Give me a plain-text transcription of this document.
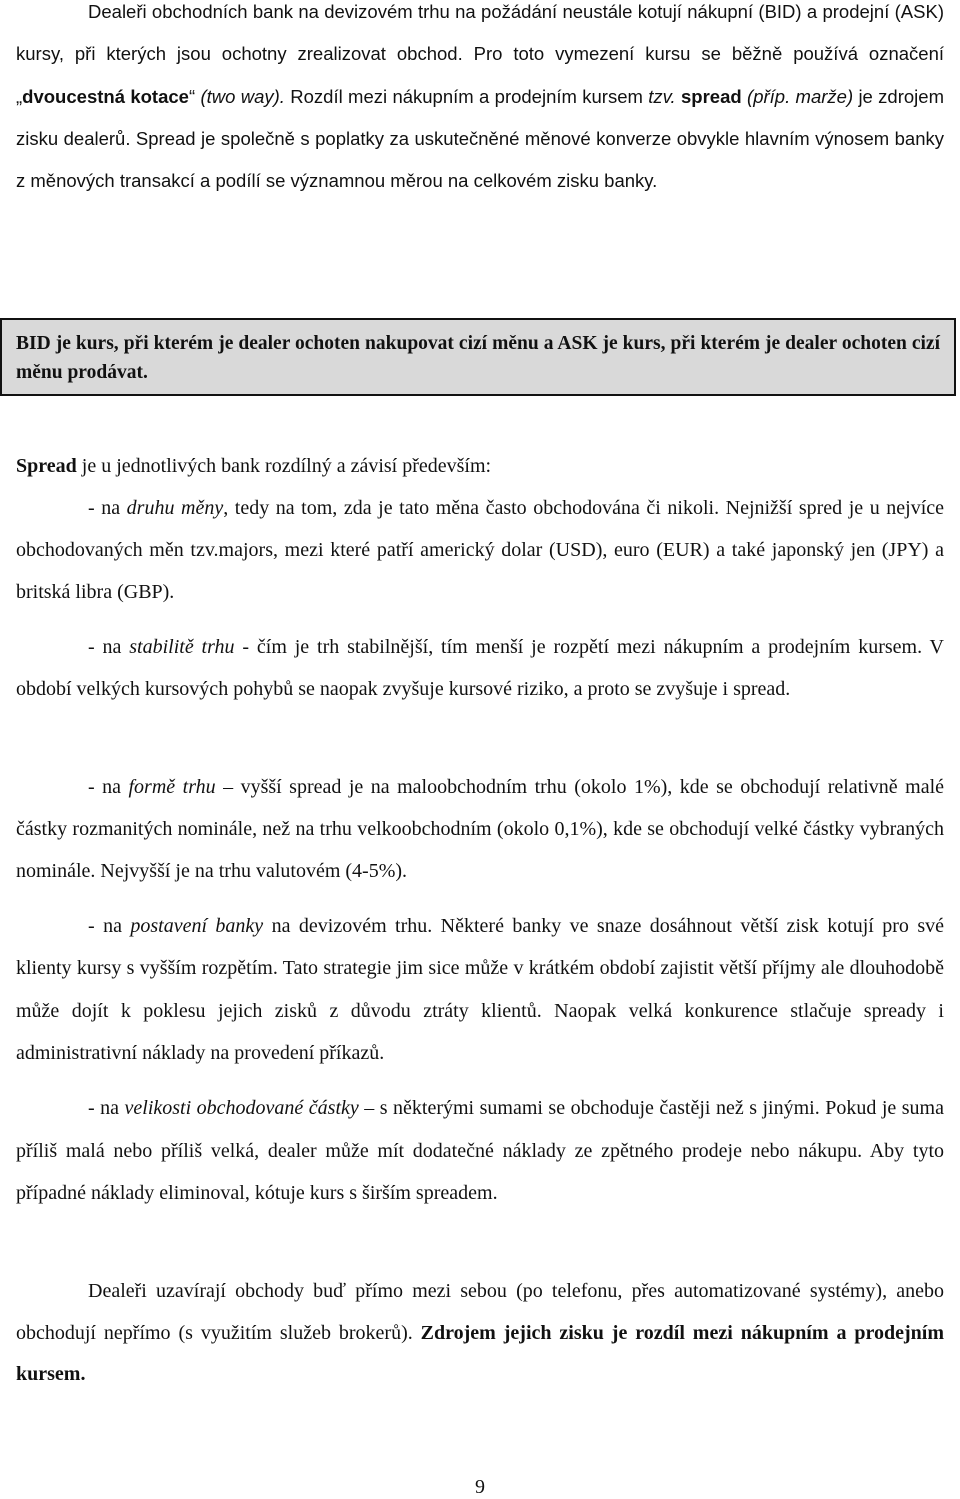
Dealeři obchodních bank na devizovém trhu na požádání neustále kotují nákupní (BID) a prodejní (ASK) kursy, při kterých jsou ochotny zrealizovat obchod. Pro toto vymezení kursu se běžně používá označení „dvoucestná kotace“ (two way). Rozdíl mezi nákupním a prodejním kursem tzv. spread (příp. marže) je zdrojem zisku dealerů. Spread je společně s poplatky za uskutečněné měnové konverze obvykle hlavním výnosem banky z měnových transakcí a podílí se významnou měrou na celkovém zisku banky.

BID je kurs, při kterém je dealer ochoten nakupovat cizí měnu a ASK je kurs, při kterém je dealer ochoten cizí měnu prodávat.

Spread je u jednotlivých bank rozdílný a závisí především:
- na druhu měny, tedy na tom, zda je tato měna často obchodována či nikoli. Nejnižší spred je u nejvíce obchodovaných měn tzv.majors, mezi které patří americký dolar (USD), euro (EUR) a také japonský jen (JPY) a britská libra (GBP).

- na stabilitě trhu - čím je trh stabilnější, tím menší je rozpětí mezi nákupním a prodejním kursem. V období velkých kursových pohybů se naopak zvyšuje kursové riziko, a proto se zvyšuje i spread.

- na formě trhu – vyšší spread je na maloobchodním trhu (okolo 1%), kde se obchodují relativně malé částky rozmanitých nominále, než na trhu velkoobchodním (okolo 0,1%), kde se obchodují velké částky vybraných nominále. Nejvyšší je na trhu valutovém (4-5%).

- na postavení banky na devizovém trhu. Některé banky ve snaze dosáhnout větší zisk kotují pro své klienty kursy s vyšším rozpětím. Tato strategie jim sice může v krátkém období zajistit větší příjmy ale dlouhodobě může dojít k poklesu jejich zisků z důvodu ztráty klientů. Naopak velká konkurence stlačuje spready i administrativní náklady na provedení příkazů.

- na velikosti obchodované částky – s některými sumami se obchoduje častěji než s jinými. Pokud je suma příliš malá nebo příliš velká, dealer může mít dodatečné náklady ze zpětného prodeje nebo nákupu. Aby tyto případné náklady eliminoval, kótuje kurs s širším spreadem.

Dealeři uzavírají obchody buď přímo mezi sebou (po telefonu, přes automatizované systémy), anebo obchodují nepřímo (s využitím služeb brokerů). Zdrojem jejich zisku je rozdíl mezi nákupním a prodejním kursem.

9
